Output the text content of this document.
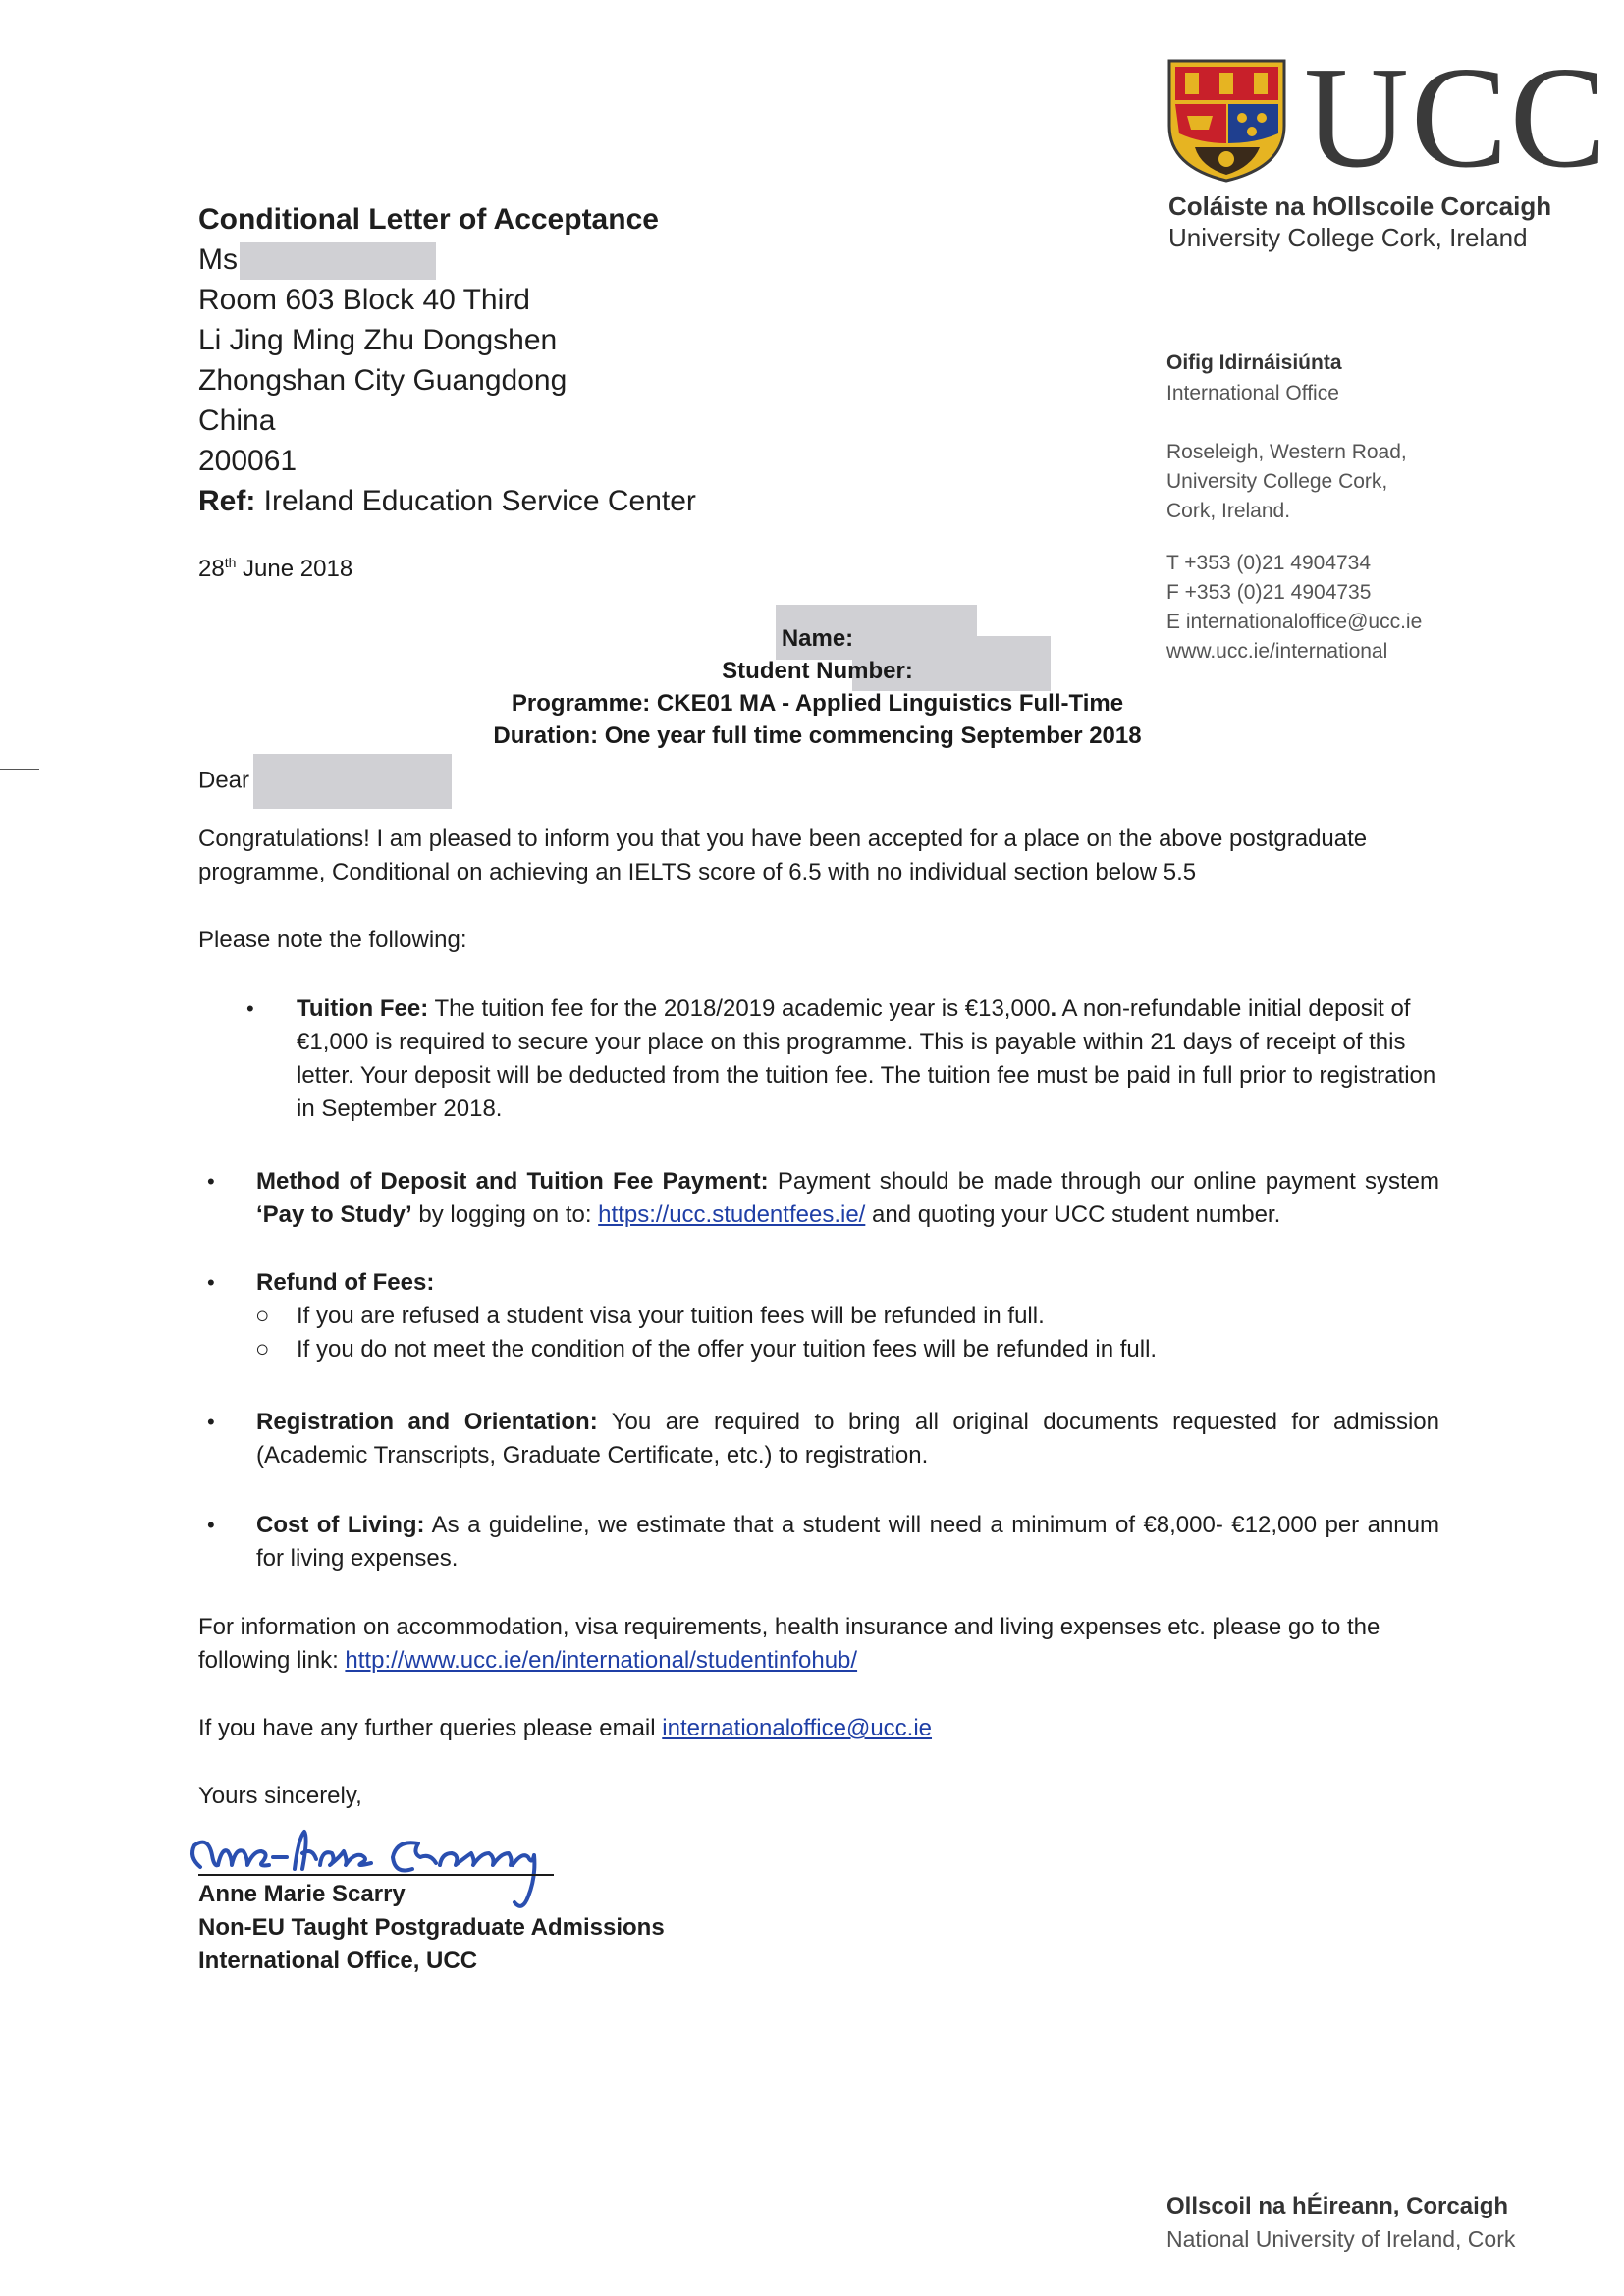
UCC
Coláiste na hOllscoile Corcaigh
University College Cork, Ireland
Oifig Idirnáisiúnta
International Office
Roseleigh, Western Road,
University College Cork,
Cork, Ireland.
T +353 (0)21 4904734
F +353 (0)21 4904735
E internationaloffice@ucc.ie
www.ucc.ie/international
Conditional Letter of Acceptance
Ms
Room 603 Block 40 Third
Li Jing Ming Zhu Dongshen
Zhongshan City Guangdong
China
200061
Ref: Ireland Education Service Center
28th June 2018
Name:
Student Number:
Programme: CKE01 MA - Applied Linguistics Full-Time
Duration: One year full time commencing September 2018
Dear
Congratulations! I am pleased to inform you that you have been accepted for a place on the above postgraduate programme, Conditional on achieving an IELTS score of 6.5 with no individual section below 5.5
Please note the following:
•	Tuition Fee: The tuition fee for the 2018/2019 academic year is €13,000. A non-refundable initial deposit of €1,000 is required to secure your place on this programme. This is payable within 21 days of receipt of this letter. Your deposit will be deducted from the tuition fee. The tuition fee must be paid in full prior to registration in September 2018.
•	Method of Deposit and Tuition Fee Payment: Payment should be made through our online payment system ‘Pay to Study’ by logging on to: https://ucc.studentfees.ie/ and quoting your UCC student number.
•	Refund of Fees:
○	If you are refused a student visa your tuition fees will be refunded in full.
○	If you do not meet the condition of the offer your tuition fees will be refunded in full.
•	Registration and Orientation: You are required to bring all original documents requested for admission (Academic Transcripts, Graduate Certificate, etc.) to registration.
•	Cost of Living: As a guideline, we estimate that a student will need a minimum of €8,000- €12,000 per annum for living expenses.
For information on accommodation, visa requirements, health insurance and living expenses etc. please go to the following link: http://www.ucc.ie/en/international/studentinfohub/
If you have any further queries please email internationaloffice@ucc.ie
Yours sincerely,
Anne Marie Scarry
Non-EU Taught Postgraduate Admissions
International Office, UCC
Ollscoil na hÉireann, Corcaigh
National University of Ireland, Cork
